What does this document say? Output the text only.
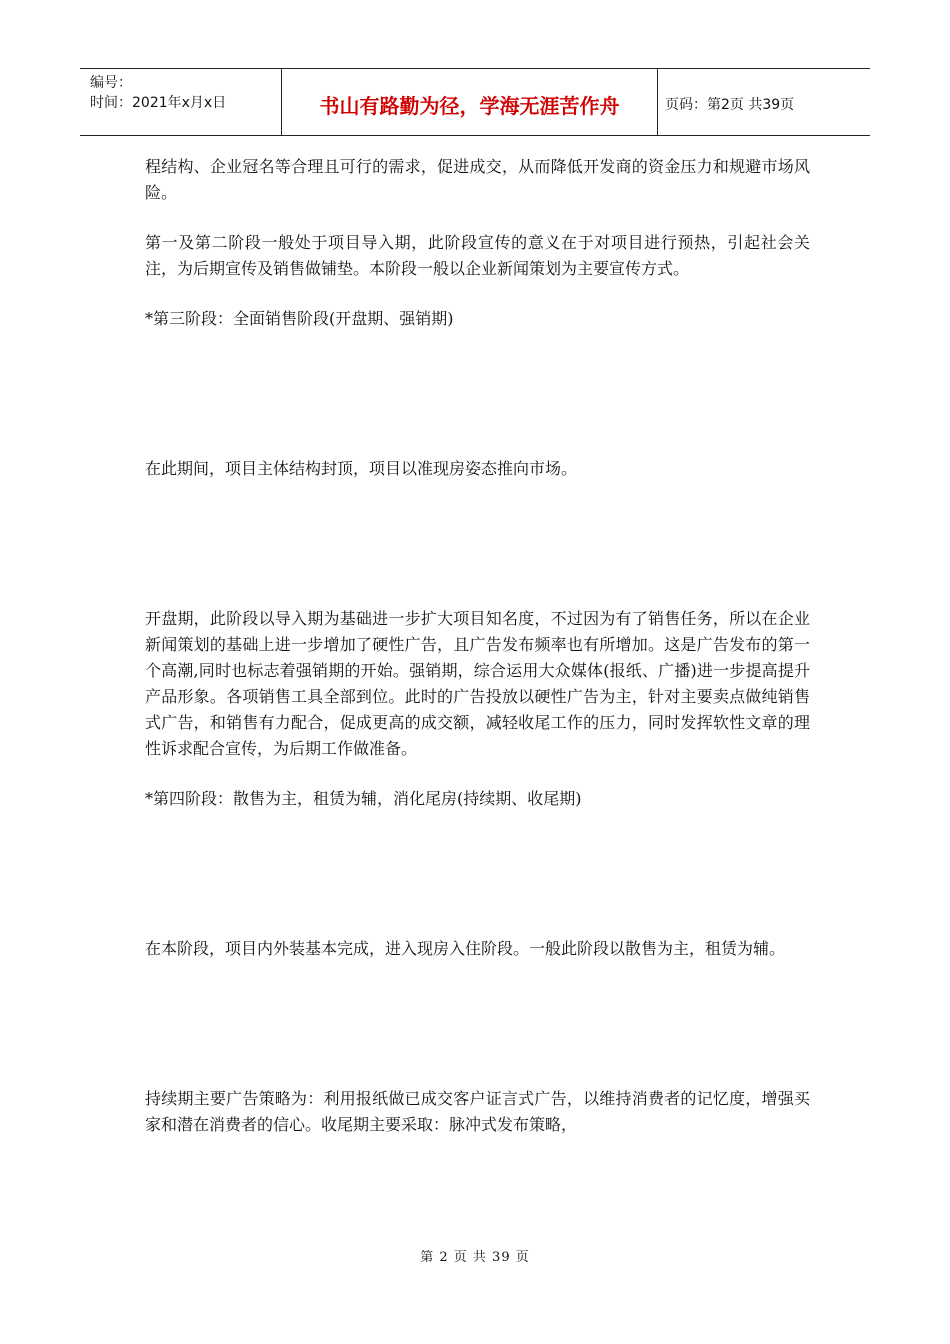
编号：
时间：2021年x月x日	书山有路勤为径，学海无涯苦作舟	页码：第2页 共39页

程结构、企业冠名等合理且可行的需求，促进成交，从而降低开发商的资金压力和规避市场风险。

第一及第二阶段一般处于项目导入期，此阶段宣传的意义在于对项目进行预热，引起社会关注，为后期宣传及销售做铺垫。本阶段一般以企业新闻策划为主要宣传方式。

*第三阶段：全面销售阶段(开盘期、强销期)

在此期间，项目主体结构封顶，项目以准现房姿态推向市场。

开盘期，此阶段以导入期为基础进一步扩大项目知名度，不过因为有了销售任务，所以在企业新闻策划的基础上进一步增加了硬性广告，且广告发布频率也有所增加。这是广告发布的第一个高潮,同时也标志着强销期的开始。强销期，综合运用大众媒体(报纸、广播)进一步提高提升产品形象。各项销售工具全部到位。此时的广告投放以硬性广告为主，针对主要卖点做纯销售式广告，和销售有力配合，促成更高的成交额，减轻收尾工作的压力，同时发挥软性文章的理性诉求配合宣传，为后期工作做准备。

*第四阶段：散售为主，租赁为辅，消化尾房(持续期、收尾期)

在本阶段，项目内外装基本完成，进入现房入住阶段。一般此阶段以散售为主，租赁为辅。

持续期主要广告策略为：利用报纸做已成交客户证言式广告，以维持消费者的记忆度，增强买家和潜在消费者的信心。收尾期主要采取：脉冲式发布策略，

第 2 页 共 39 页
